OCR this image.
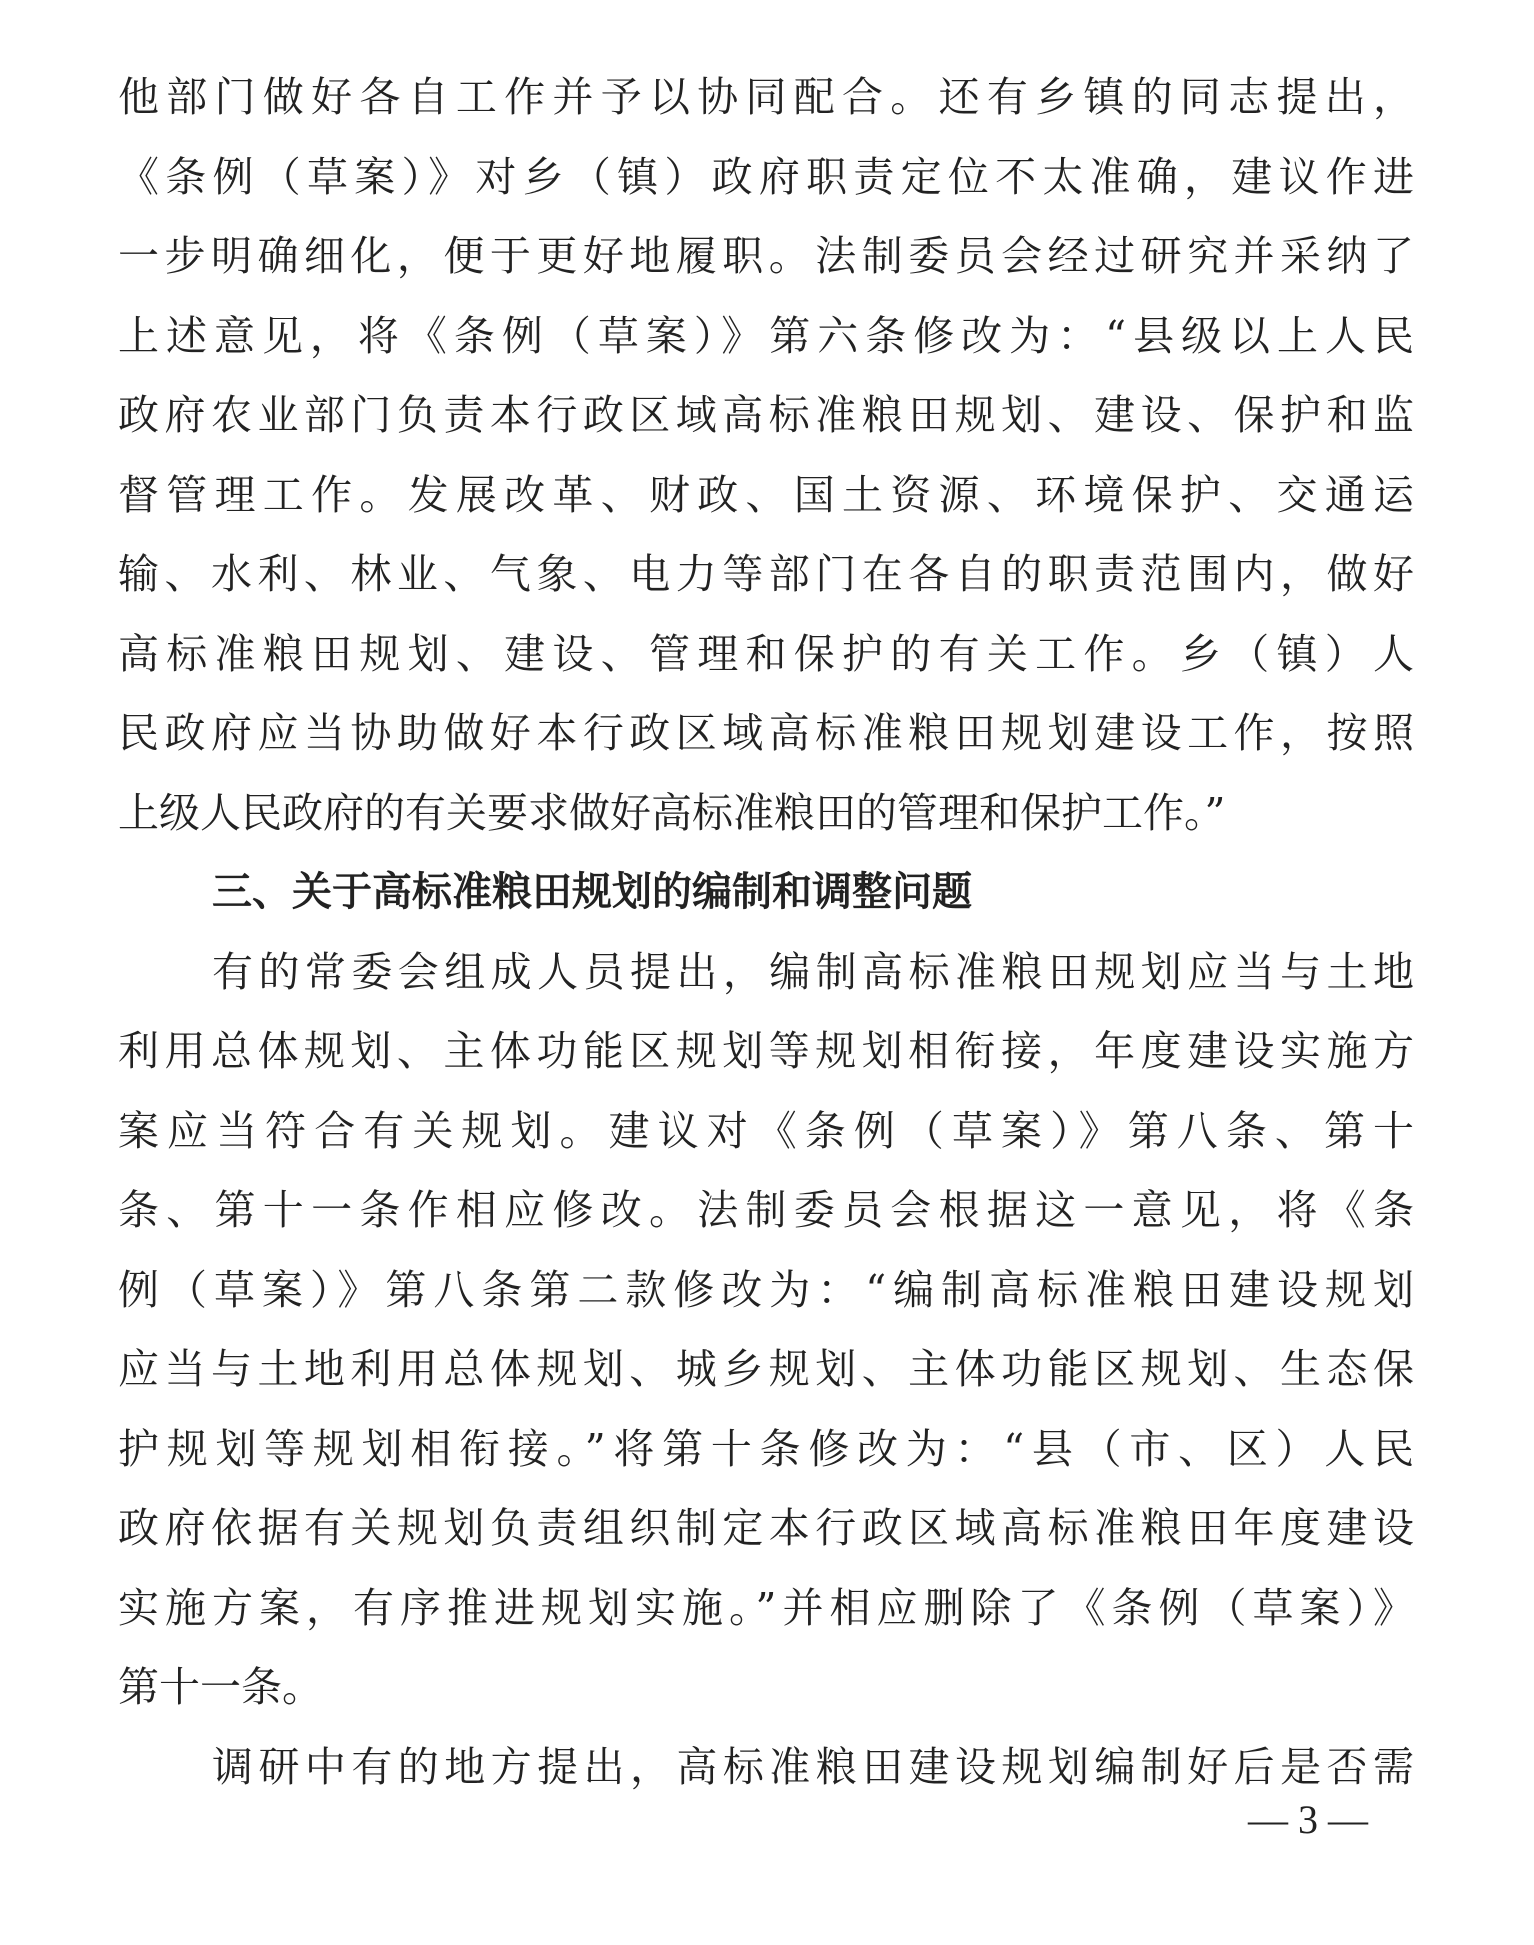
他部门做好各自工作并予以协同配合。还有乡镇的同志提出，
《条例（草案）》对乡（镇）政府职责定位不太准确，建议作进
一步明确细化，便于更好地履职。法制委员会经过研究并采纳了
上述意见，将《条例（草案）》第六条修改为：“县级以上人民
政府农业部门负责本行政区域高标准粮田规划、建设、保护和监
督管理工作。发展改革、财政、国土资源、环境保护、交通运
输、水利、林业、气象、电力等部门在各自的职责范围内，做好
高标准粮田规划、建设、管理和保护的有关工作。乡（镇）人
民政府应当协助做好本行政区域高标准粮田规划建设工作，按照
上级人民政府的有关要求做好高标准粮田的管理和保护工作。”
三、关于高标准粮田规划的编制和调整问题
有的常委会组成人员提出，编制高标准粮田规划应当与土地
利用总体规划、主体功能区规划等规划相衔接，年度建设实施方
案应当符合有关规划。建议对《条例（草案）》第八条、第十
条、第十一条作相应修改。法制委员会根据这一意见，将《条
例（草案）》第八条第二款修改为：“编制高标准粮田建设规划
应当与土地利用总体规划、城乡规划、主体功能区规划、生态保
护规划等规划相衔接。”将第十条修改为：“县（市、区）人民
政府依据有关规划负责组织制定本行政区域高标准粮田年度建设
实施方案，有序推进规划实施。”并相应删除了《条例（草案）》
第十一条。
调研中有的地方提出，高标准粮田建设规划编制好后是否需
— 3 —
